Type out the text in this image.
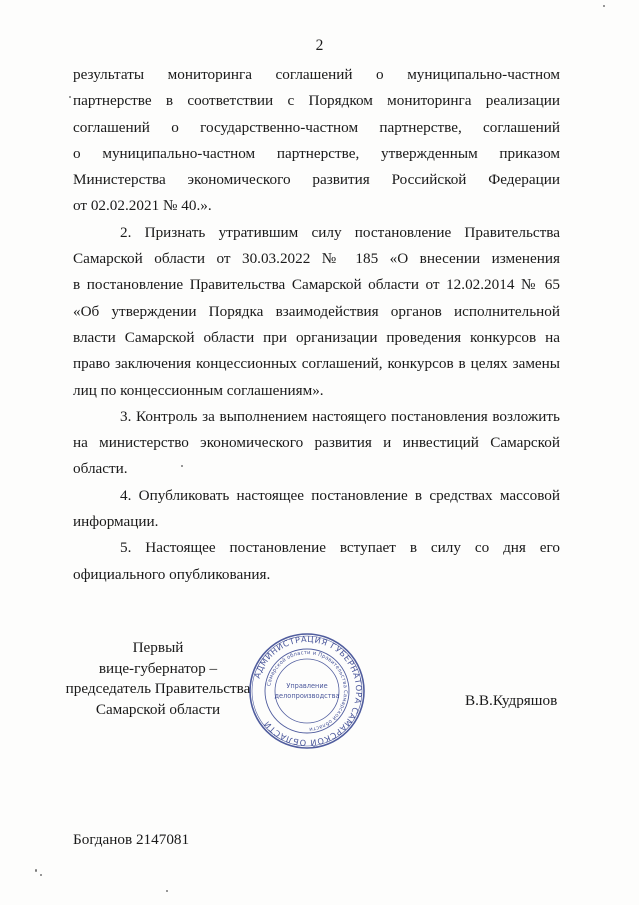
2

результаты мониторинга соглашений о муниципально-частном
партнерстве в соответствии с Порядком мониторинга реализации
соглашений о государственно-частном партнерстве, соглашений
о муниципально-частном партнерстве, утвержденным приказом
Министерства экономического развития Российской Федерации
от 02.02.2021 № 40.».

2. Признать утратившим силу постановление Правительства
Самарской области от 30.03.2022 № 185 «О внесении изменения
в постановление Правительства Самарской области от 12.02.2014 № 65
«Об утверждении Порядка взаимодействия органов исполнительной
власти Самарской области при организации проведения конкурсов на
право заключения концессионных соглашений, конкурсов в целях замены
лиц по концессионным соглашениям».

3. Контроль за выполнением настоящего постановления возложить
на министерство экономического развития и инвестиций Самарской
области.

4. Опубликовать настоящее постановление в средствах массовой
информации.

5. Настоящее постановление вступает в силу со дня его
официального опубликования.

Первый
вице-губернатор –
председатель Правительства
Самарской области
АДМИНИСТРАЦИЯ ГУБЕРНАТОРА САМАРСКОЙ ОБЛАСТИ
Самарской области и Правительства Самарской области
Управление
делопроизводства	В.В.Кудряшов
Богданов 2147081
